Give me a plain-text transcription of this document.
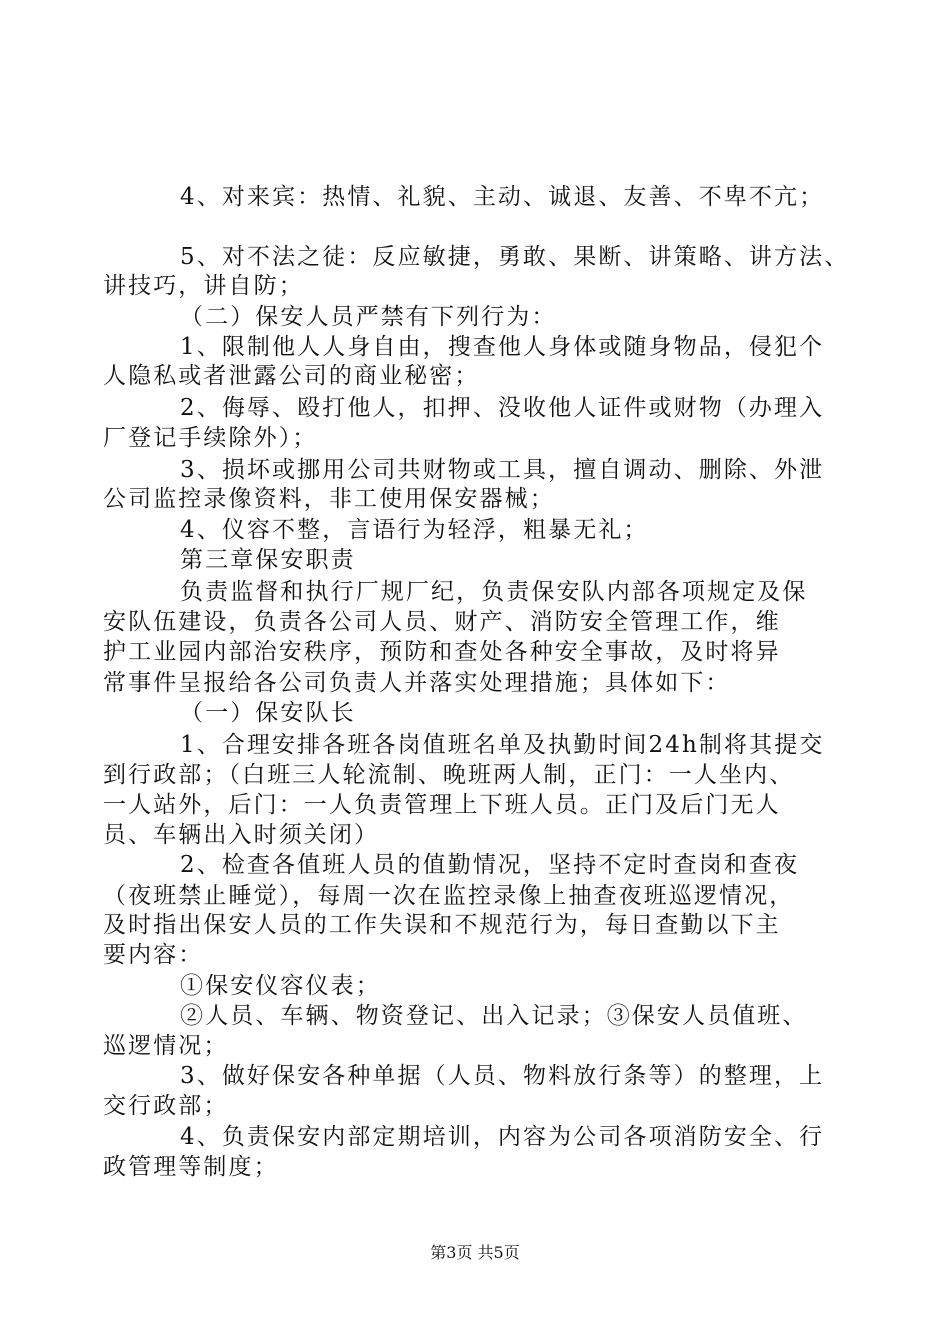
4、对来宾：热情、礼貌、主动、诚退、友善、不卑不亢；
5、对不法之徒：反应敏捷，勇敢、果断、讲策略、讲方法、
讲技巧，讲自防；
（二）保安人员严禁有下列行为：
1、限制他人人身自由，搜查他人身体或随身物品，侵犯个
人隐私或者泄露公司的商业秘密；
2、侮辱、殴打他人，扣押、没收他人证件或财物（办理入
厂登记手续除外）；
3、损坏或挪用公司共财物或工具，擅自调动、删除、外泄
公司监控录像资料，非工使用保安器械；
4、仪容不整，言语行为轻浮，粗暴无礼；
第三章保安职责
负责监督和执行厂规厂纪，负责保安队内部各项规定及保
安队伍建设，负责各公司人员、财产、消防安全管理工作，维
护工业园内部治安秩序，预防和查处各种安全事故，及时将异
常事件呈报给各公司负责人并落实处理措施；具体如下：
（一）保安队长
1、合理安排各班各岗值班名单及执勤时间24h制将其提交
到行政部；（白班三人轮流制、晚班两人制，正门：一人坐内、
一人站外，后门：一人负责管理上下班人员。正门及后门无人
员、车辆出入时须关闭）
2、检查各值班人员的值勤情况，坚持不定时查岗和查夜
（夜班禁止睡觉），每周一次在监控录像上抽查夜班巡逻情况，
及时指出保安人员的工作失误和不规范行为，每日查勤以下主
要内容：
①保安仪容仪表；
②人员、车辆、物资登记、出入记录；③保安人员值班、
巡逻情况；
3、做好保安各种单据（人员、物料放行条等）的整理，上
交行政部；
4、负责保安内部定期培训，内容为公司各项消防安全、行
政管理等制度；
第3页 共5页
